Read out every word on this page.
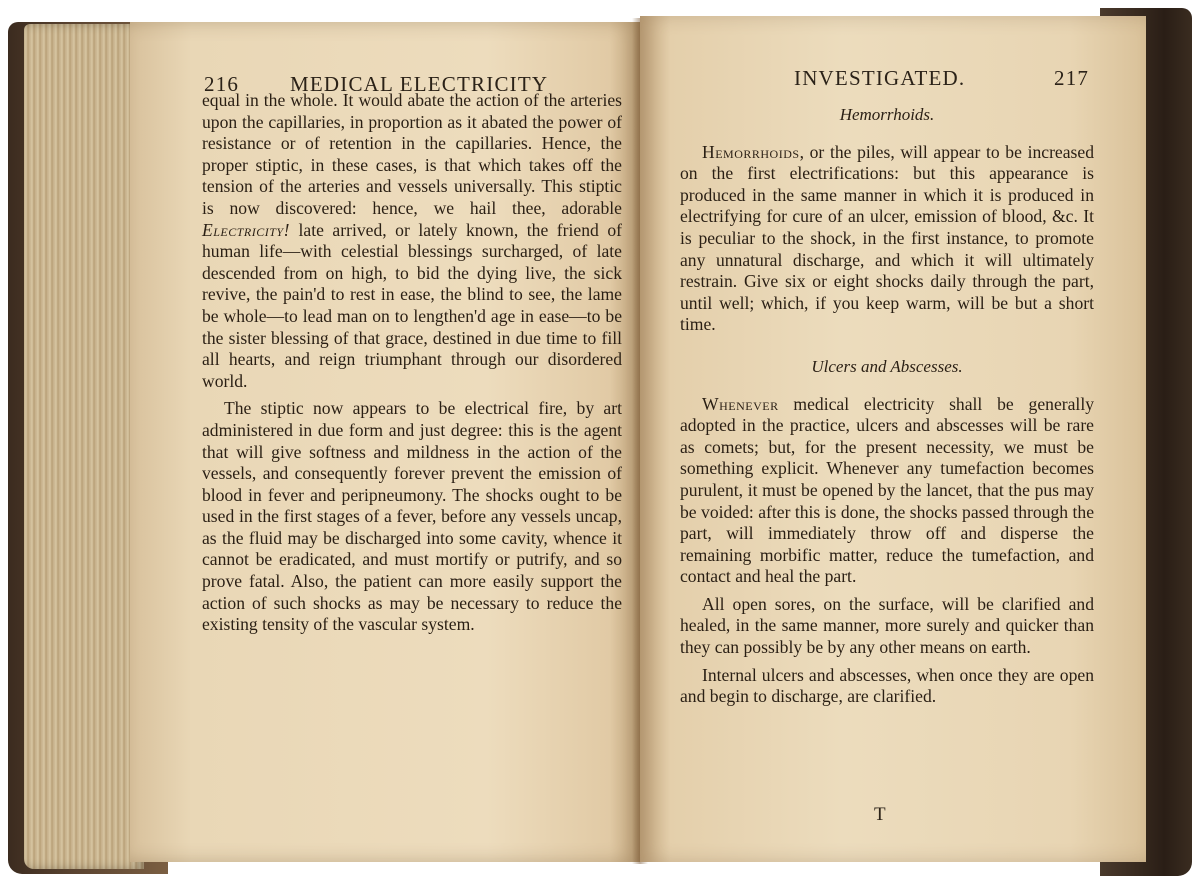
216 MEDICAL ELECTRICITY

equal in the whole. It would abate the action of the arteries upon the capillaries, in proportion as it abated the power of resistance or of retention in the capillaries. Hence, the proper stiptic, in these cases, is that which takes off the tension of the arteries and vessels universally. This stiptic is now discovered: hence, we hail thee, adorable Electricity! late arrived, or lately known, the friend of human life—with celestial blessings surcharged, of late descended from on high, to bid the dying live, the sick revive, the pain'd to rest in ease, the blind to see, the lame be whole—to lead man on to lengthen'd age in ease—to be the sister blessing of that grace, destined in due time to fill all hearts, and reign triumphant through our disordered world.

The stiptic now appears to be electrical fire, by art administered in due form and just degree: this is the agent that will give softness and mildness in the action of the vessels, and consequently forever prevent the emission of blood in fever and peripneumony. The shocks ought to be used in the first stages of a fever, before any vessels uncap, as the fluid may be discharged into some cavity, whence it cannot be eradicated, and must mortify or putrify, and so prove fatal. Also, the patient can more easily support the action of such shocks as may be necessary to reduce the existing tensity of the vascular system.

INVESTIGATED.	217
Hemorrhoids.

Hemorrhoids, or the piles, will appear to be increased on the first electrifications: but this appearance is produced in the same manner in which it is produced in electrifying for cure of an ulcer, emission of blood, &c. It is peculiar to the shock, in the first instance, to promote any unnatural discharge, and which it will ultimately restrain. Give six or eight shocks daily through the part, until well; which, if you keep warm, will be but a short time.

Ulcers and Abscesses.

Whenever medical electricity shall be generally adopted in the practice, ulcers and abscesses will be rare as comets; but, for the present necessity, we must be something explicit. Whenever any tumefaction becomes purulent, it must be opened by the lancet, that the pus may be voided: after this is done, the shocks passed through the part, will immediately throw off and disperse the remaining morbific matter, reduce the tumefaction, and contact and heal the part.

All open sores, on the surface, will be clarified and healed, in the same manner, more surely and quicker than they can possibly be by any other means on earth.

Internal ulcers and abscesses, when once they are open and begin to discharge, are clarified.

T
